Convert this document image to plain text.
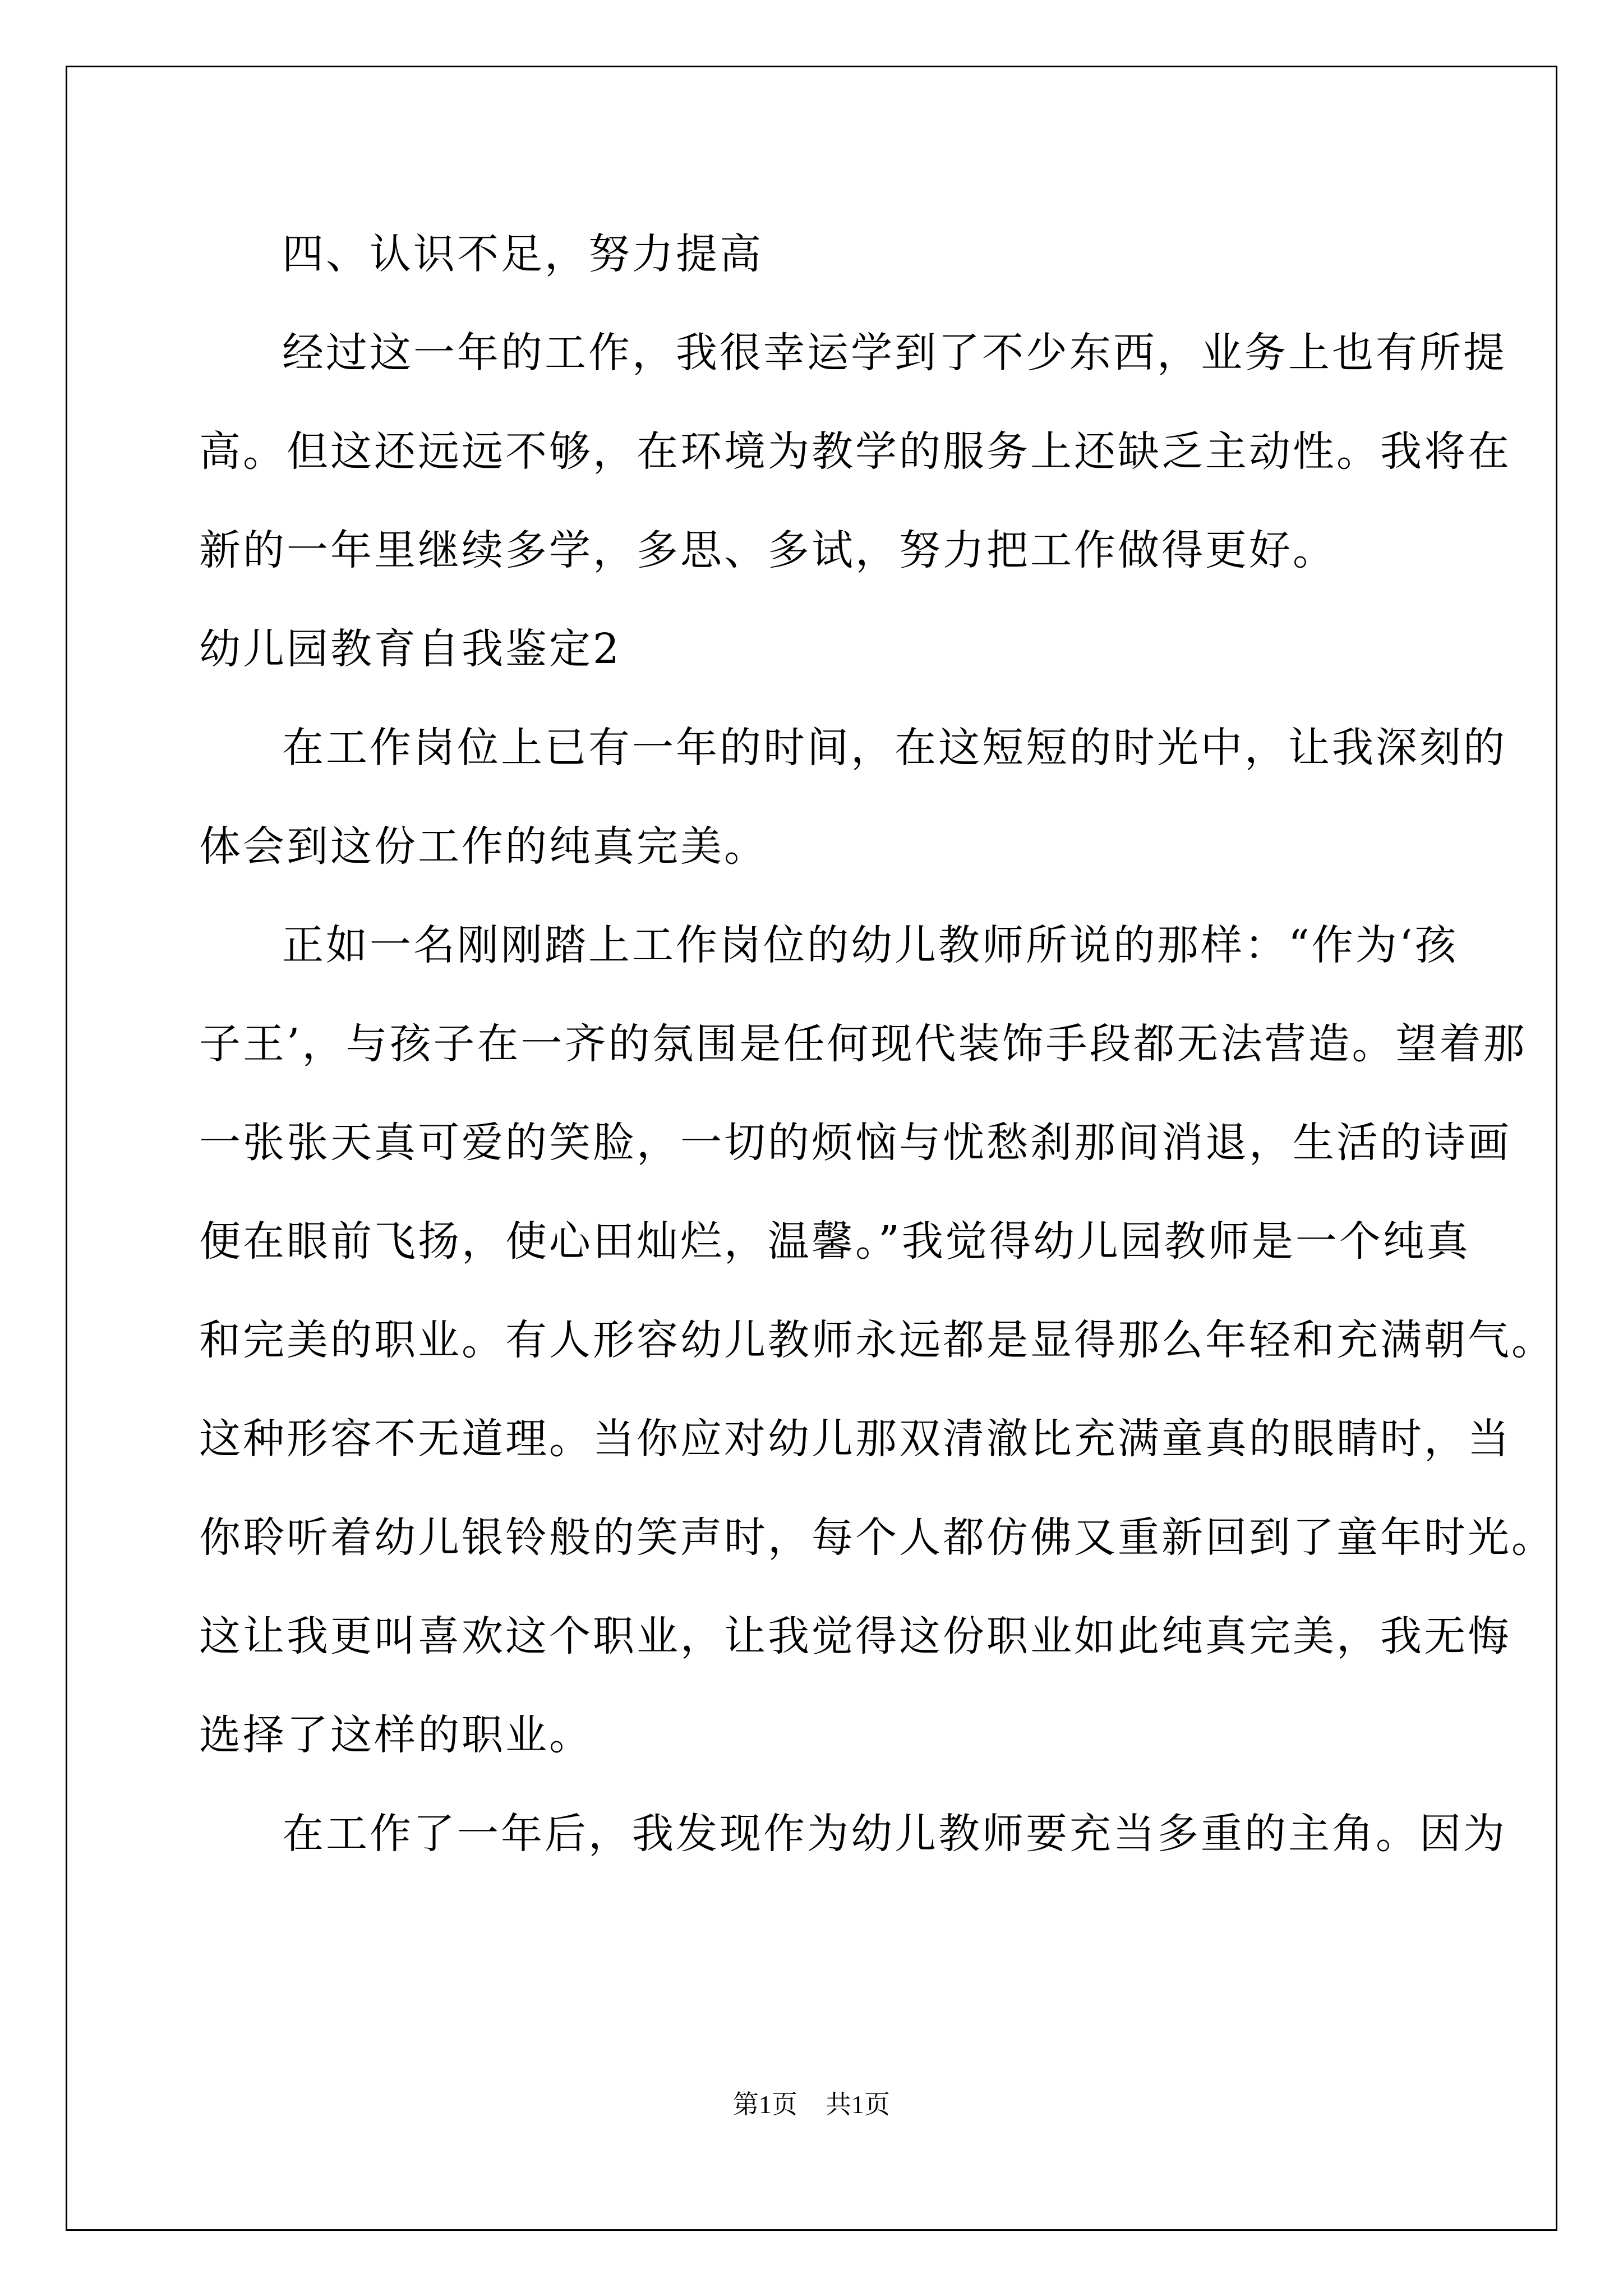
四、认识不足，努力提高
经过这一年的工作，我很幸运学到了不少东西，业务上也有所提
高。但这还远远不够，在环境为教学的服务上还缺乏主动性。我将在
新的一年里继续多学，多思、多试，努力把工作做得更好。
幼儿园教育自我鉴定2
在工作岗位上已有一年的时间，在这短短的时光中，让我深刻的
体会到这份工作的纯真完美。
正如一名刚刚踏上工作岗位的幼儿教师所说的那样：“作为‘孩
子王’，与孩子在一齐的氛围是任何现代装饰手段都无法营造。望着那
一张张天真可爱的笑脸，一切的烦恼与忧愁刹那间消退，生活的诗画
便在眼前飞扬，使心田灿烂，温馨。”我觉得幼儿园教师是一个纯真
和完美的职业。有人形容幼儿教师永远都是显得那么年轻和充满朝气。
这种形容不无道理。当你应对幼儿那双清澈比充满童真的眼睛时，当
你聆听着幼儿银铃般的笑声时，每个人都仿佛又重新回到了童年时光。
这让我更叫喜欢这个职业，让我觉得这份职业如此纯真完美，我无悔
选择了这样的职业。
在工作了一年后，我发现作为幼儿教师要充当多重的主角。因为
第1页 共1页
